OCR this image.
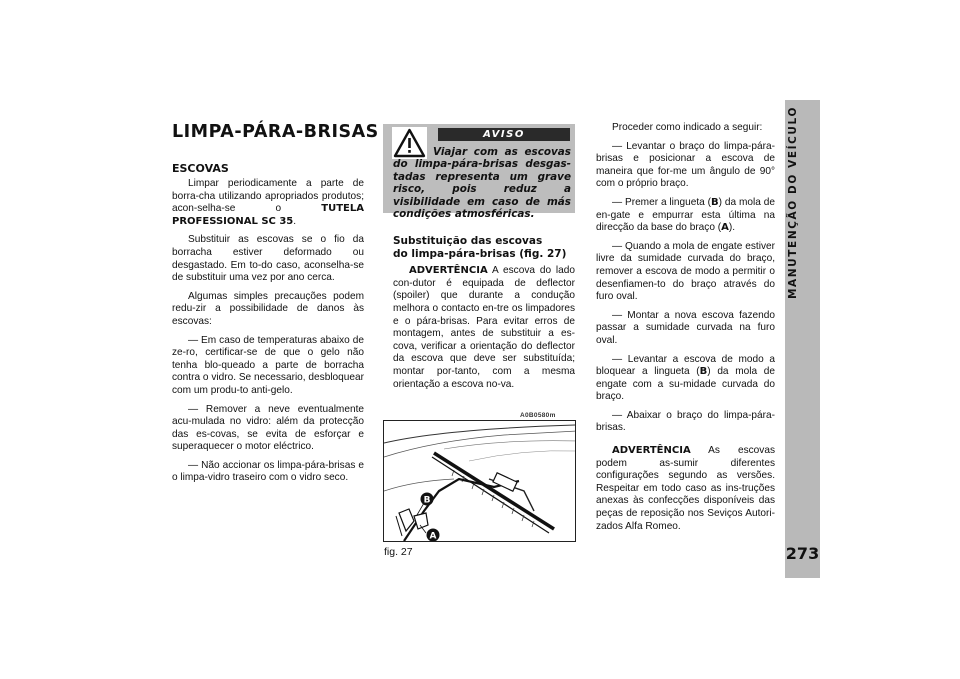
MANUTENÇÃO DO VEÍCULO
273
LIMPA-PÁRA-BRISAS
ESCOVAS

Limpar periodicamente a parte de borra-cha utilizando apropriados produtos; acon-selha-se o TUTELA PROFESSIONAL SC 35.

Substituir as escovas se o fio da borracha estiver deformado ou desgastado. Em to-do caso, aconselha-se de substituir uma vez por ano cerca.

Algumas simples precauções podem redu-zir a possibilidade de danos às escovas:

— Em caso de temperaturas abaixo de ze-ro, certificar-se de que o gelo não tenha blo-queado a parte de borracha contra o vidro. Se necessario, desbloquear com um produ-to anti-gelo.

— Remover a neve eventualmente acu-mulada no vidro: além da protecção das es-covas, se evita de esforçar e superaquecer o motor eléctrico.

— Não accionar os limpa-pára-brisas e o limpa-vidro traseiro com o vidro seco.

AVISO
Viajar com as escovas do limpa-pára-brisas desgas-tadas representa um grave risco, pois reduz a visibilidade em caso de más condições atmosféricas.
Substituição das escovas
do limpa-pára-brisas (fig. 27)

ADVERTÊNCIA A escova do lado con-dutor é equipada de deflector (spoiler) que durante a condução melhora o contacto en-tre os limpadores e o pára-brisas. Para evitar erros de montagem, antes de substituir a es-cova, verificar a orientação do deflector da escova que deve ser substituída; montar por-tanto, com a mesma orientação a escova no-va.

A0B0580m
B
A
fig. 27

Proceder como indicado a seguir:

— Levantar o braço do limpa-pára-brisas e posicionar a escova de maneira que for-me um ângulo de 90° com o próprio braço.

— Premer a lingueta (B) da mola de en-gate e empurrar esta última na direcção da base do braço (A).

— Quando a mola de engate estiver livre da sumidade curvada do braço, remover a escova de modo a permitir o desenfiamen-to do braço através do furo oval.

— Montar a nova escova fazendo passar a sumidade curvada na furo oval.

— Levantar a escova de modo a bloquear a lingueta (B) da mola de engate com a su-midade curvada do braço.

— Abaixar o braço do limpa-pára-brisas.

ADVERTÊNCIA As escovas podem as-sumir diferentes configurações segundo as versões. Respeitar em todo caso as ins-truções anexas às confecções disponíveis das peças de reposição nos Seviços Autori-zados Alfa Romeo.
